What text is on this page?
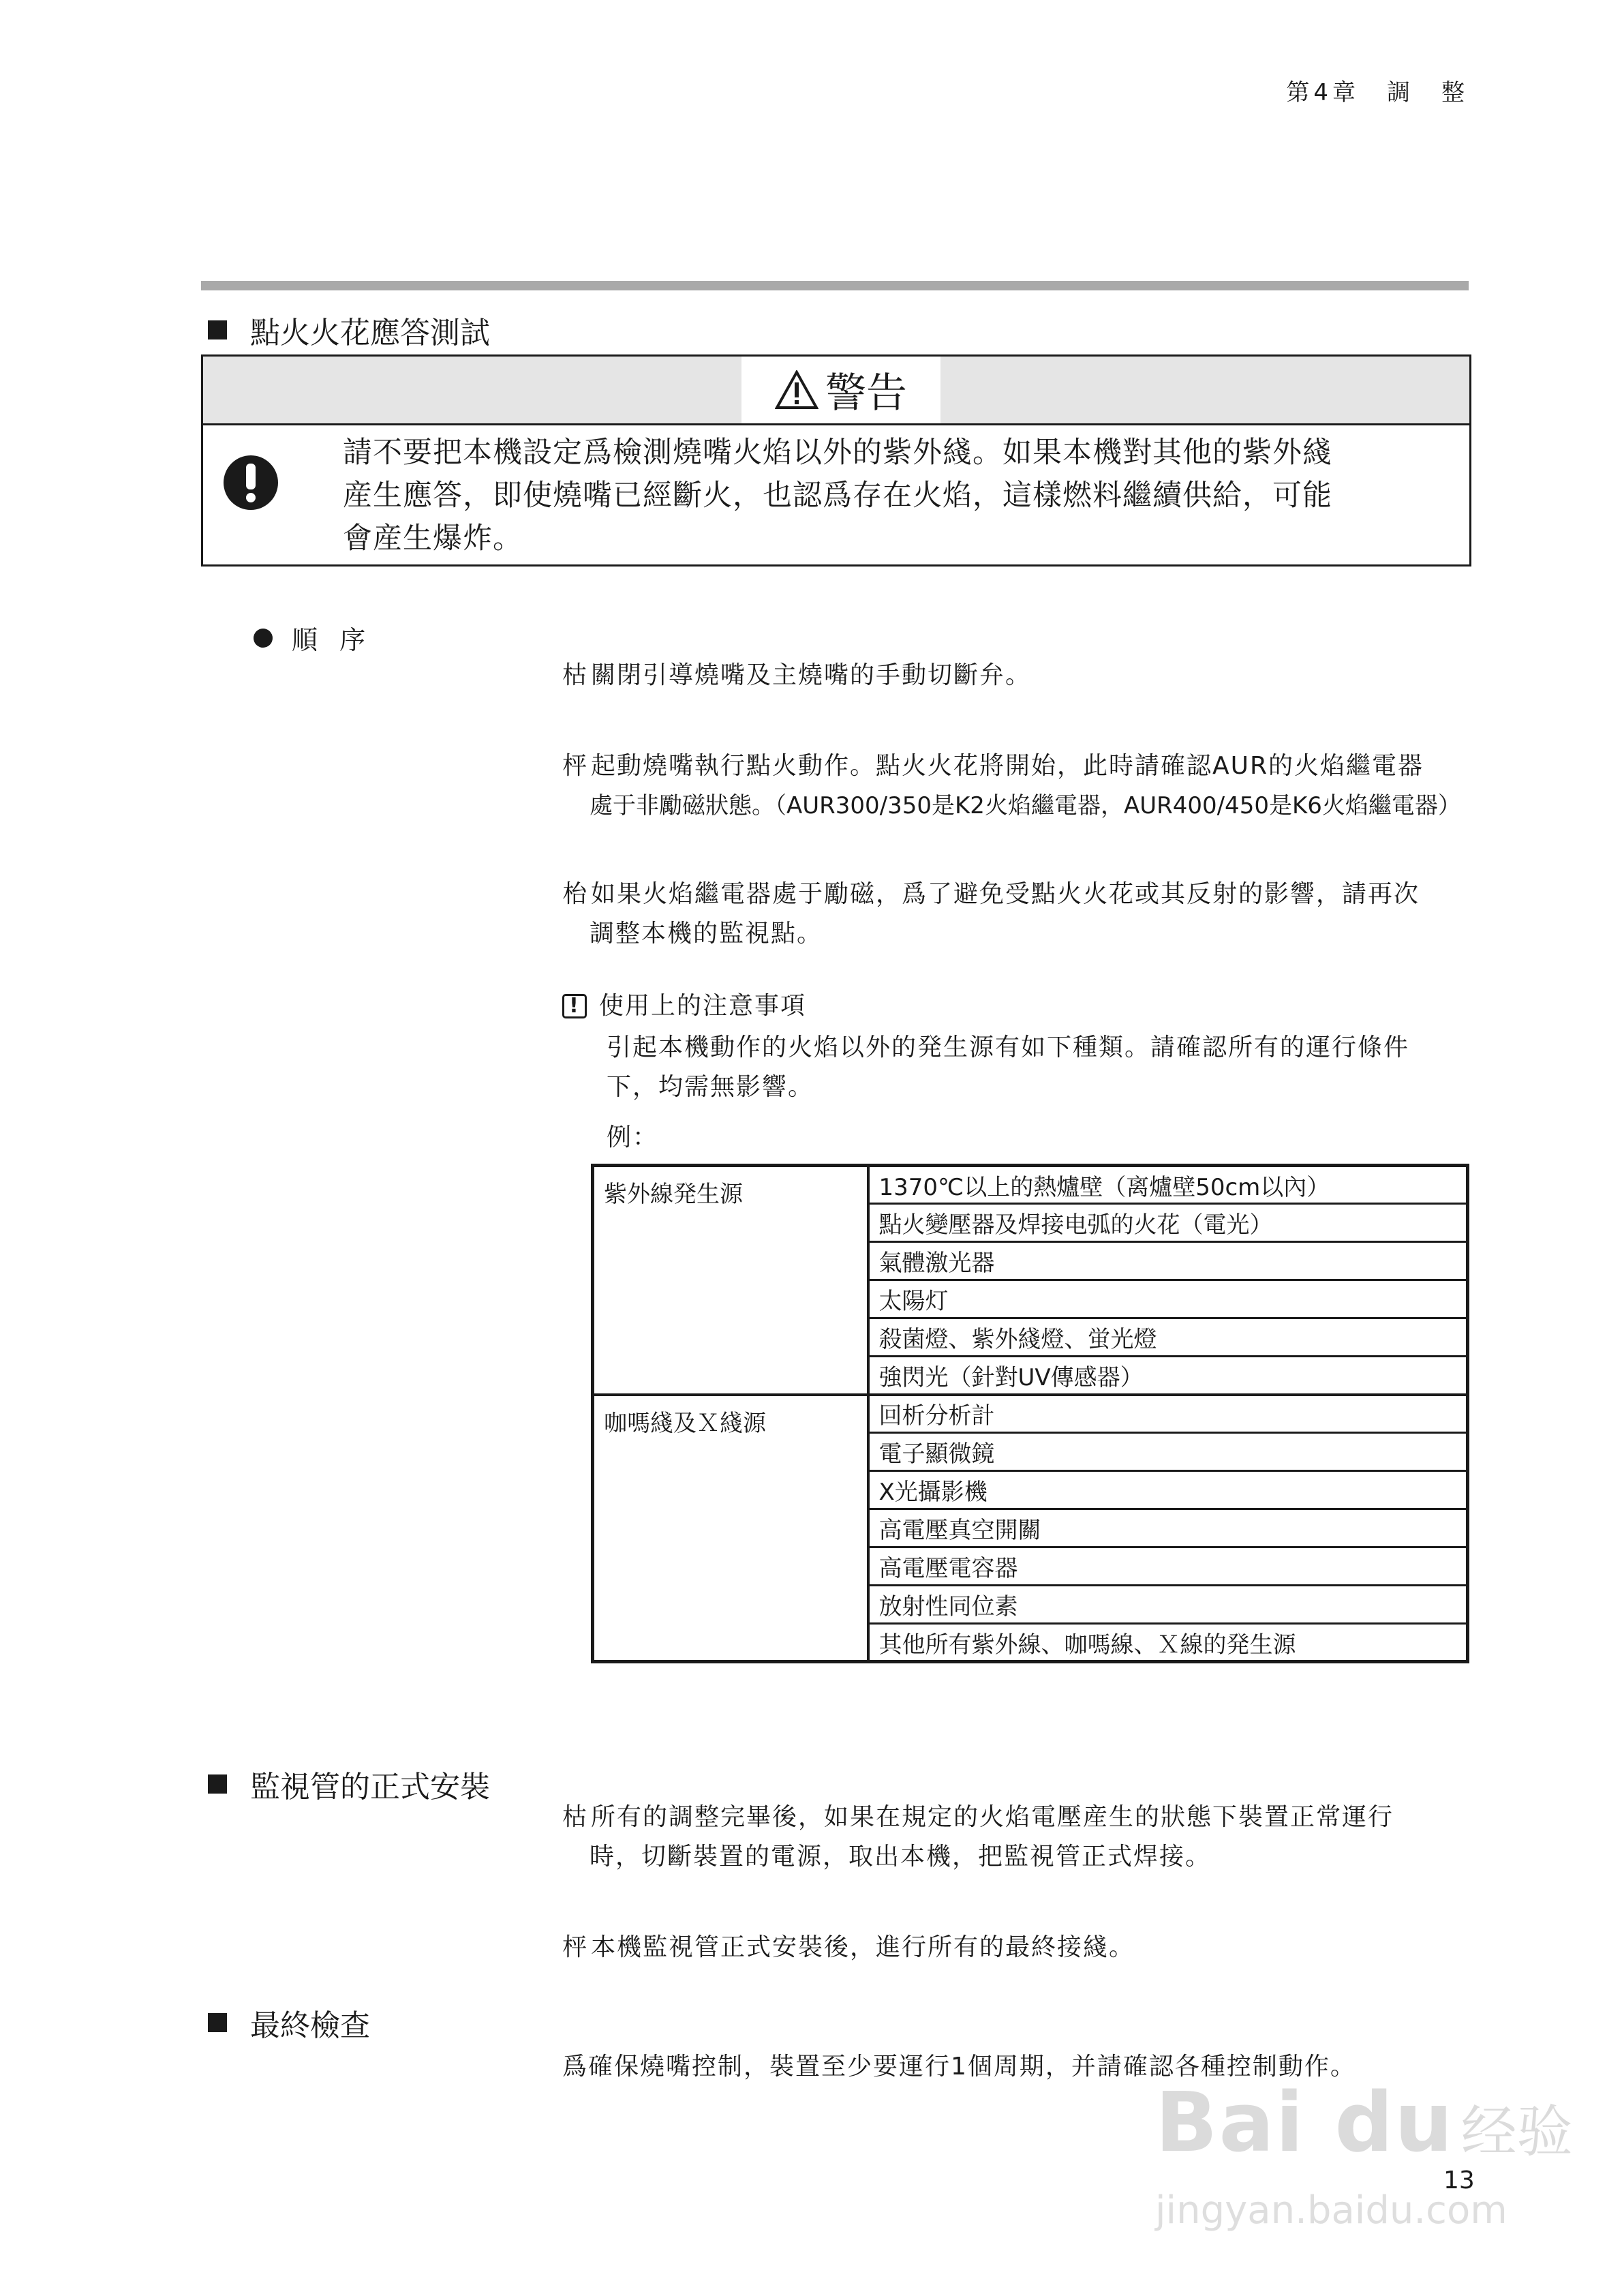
第4章　調　整
點火火花應答測試
警告
請不要把本機設定爲檢測燒嘴火焰以外的紫外綫。如果本機對其他的紫外綫
産生應答，即使燒嘴已經斷火，也認爲存在火焰，這樣燃料繼續供給，可能
會産生爆炸。
順 序
枯 關閉引導燒嘴及主燒嘴的手動切斷弁。
枰 起動燒嘴執行點火動作。點火火花將開始，此時請確認AUR的火焰繼電器
處于非勵磁狀態。（AUR300/350是K2火焰繼電器，AUR400/450是K6火焰繼電器）
枱 如果火焰繼電器處于勵磁，爲了避免受點火火花或其反射的影響，請再次
調整本機的監視點。
! 使用上的注意事項
引起本機動作的火焰以外的発生源有如下種類。請確認所有的運行條件
下，均需無影響。
例：
紫外線発生源	1370℃以上的熱爐壁（离爐壁50cm以內）
	點火變壓器及焊接电弧的火花（電光）
	氣體激光器
	太陽灯
	殺菌燈、紫外綫燈、蛍光燈
	強閃光（針對UV傳感器）
咖嗎綫及Ｘ綫源	回析分析計
	電子顯微鏡
	X光攝影機
	高電壓真空開關
	高電壓電容器
	放射性同位素
	其他所有紫外線、咖嗎線、Ｘ線的発生源
監視管的正式安裝
枯 所有的調整完畢後，如果在規定的火焰電壓産生的狀態下裝置正常運行
時，切斷裝置的電源，取出本機，把監視管正式焊接。
枰 本機監視管正式安裝後，進行所有的最終接綫。
最終檢查
爲確保燒嘴控制，裝置至少要運行1個周期，并請確認各種控制動作。
Bai du 经验
jingyan.baidu.com
13
